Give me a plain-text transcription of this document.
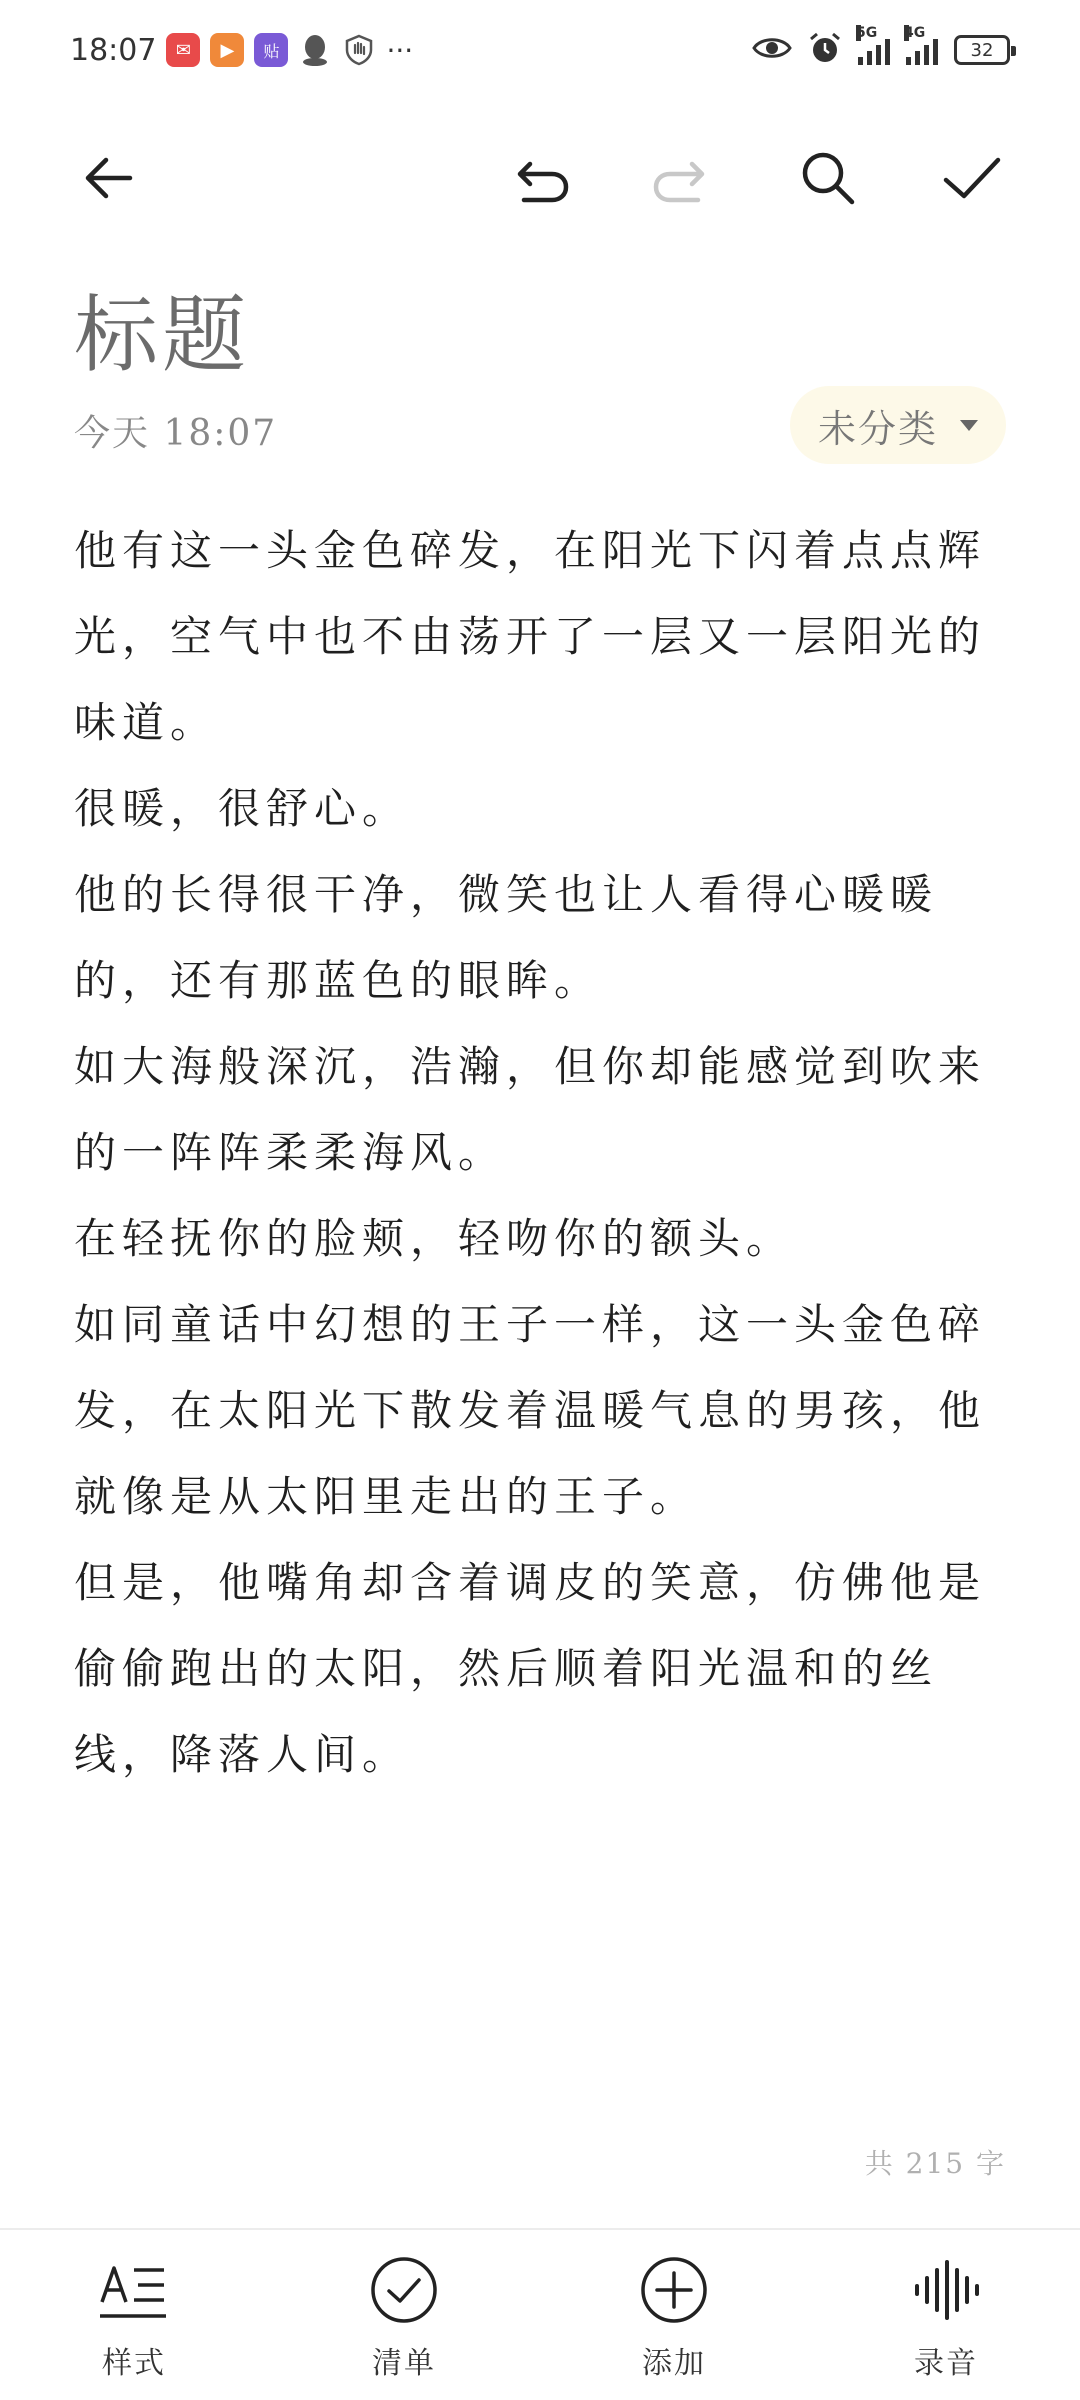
18:07	✉	▶	贴	···
5G 4G
32
标题
今天 18:07	未分类

他有这一头金色碎发，在阳光下闪着点点辉光，空气中也不由荡开了一层又一层阳光的味道。

很暖，很舒心。

他的长得很干净，微笑也让人看得心暖暖的，还有那蓝色的眼眸。

如大海般深沉，浩瀚，但你却能感觉到吹来的一阵阵柔柔海风。

在轻抚你的脸颊，轻吻你的额头。

如同童话中幻想的王子一样，这一头金色碎发，在太阳光下散发着温暖气息的男孩，他就像是从太阳里走出的王子。

但是，他嘴角却含着调皮的笑意，仿佛他是偷偷跑出的太阳，然后顺着阳光温和的丝线，降落人间。

共 215 字
样式	清单	添加	录音
